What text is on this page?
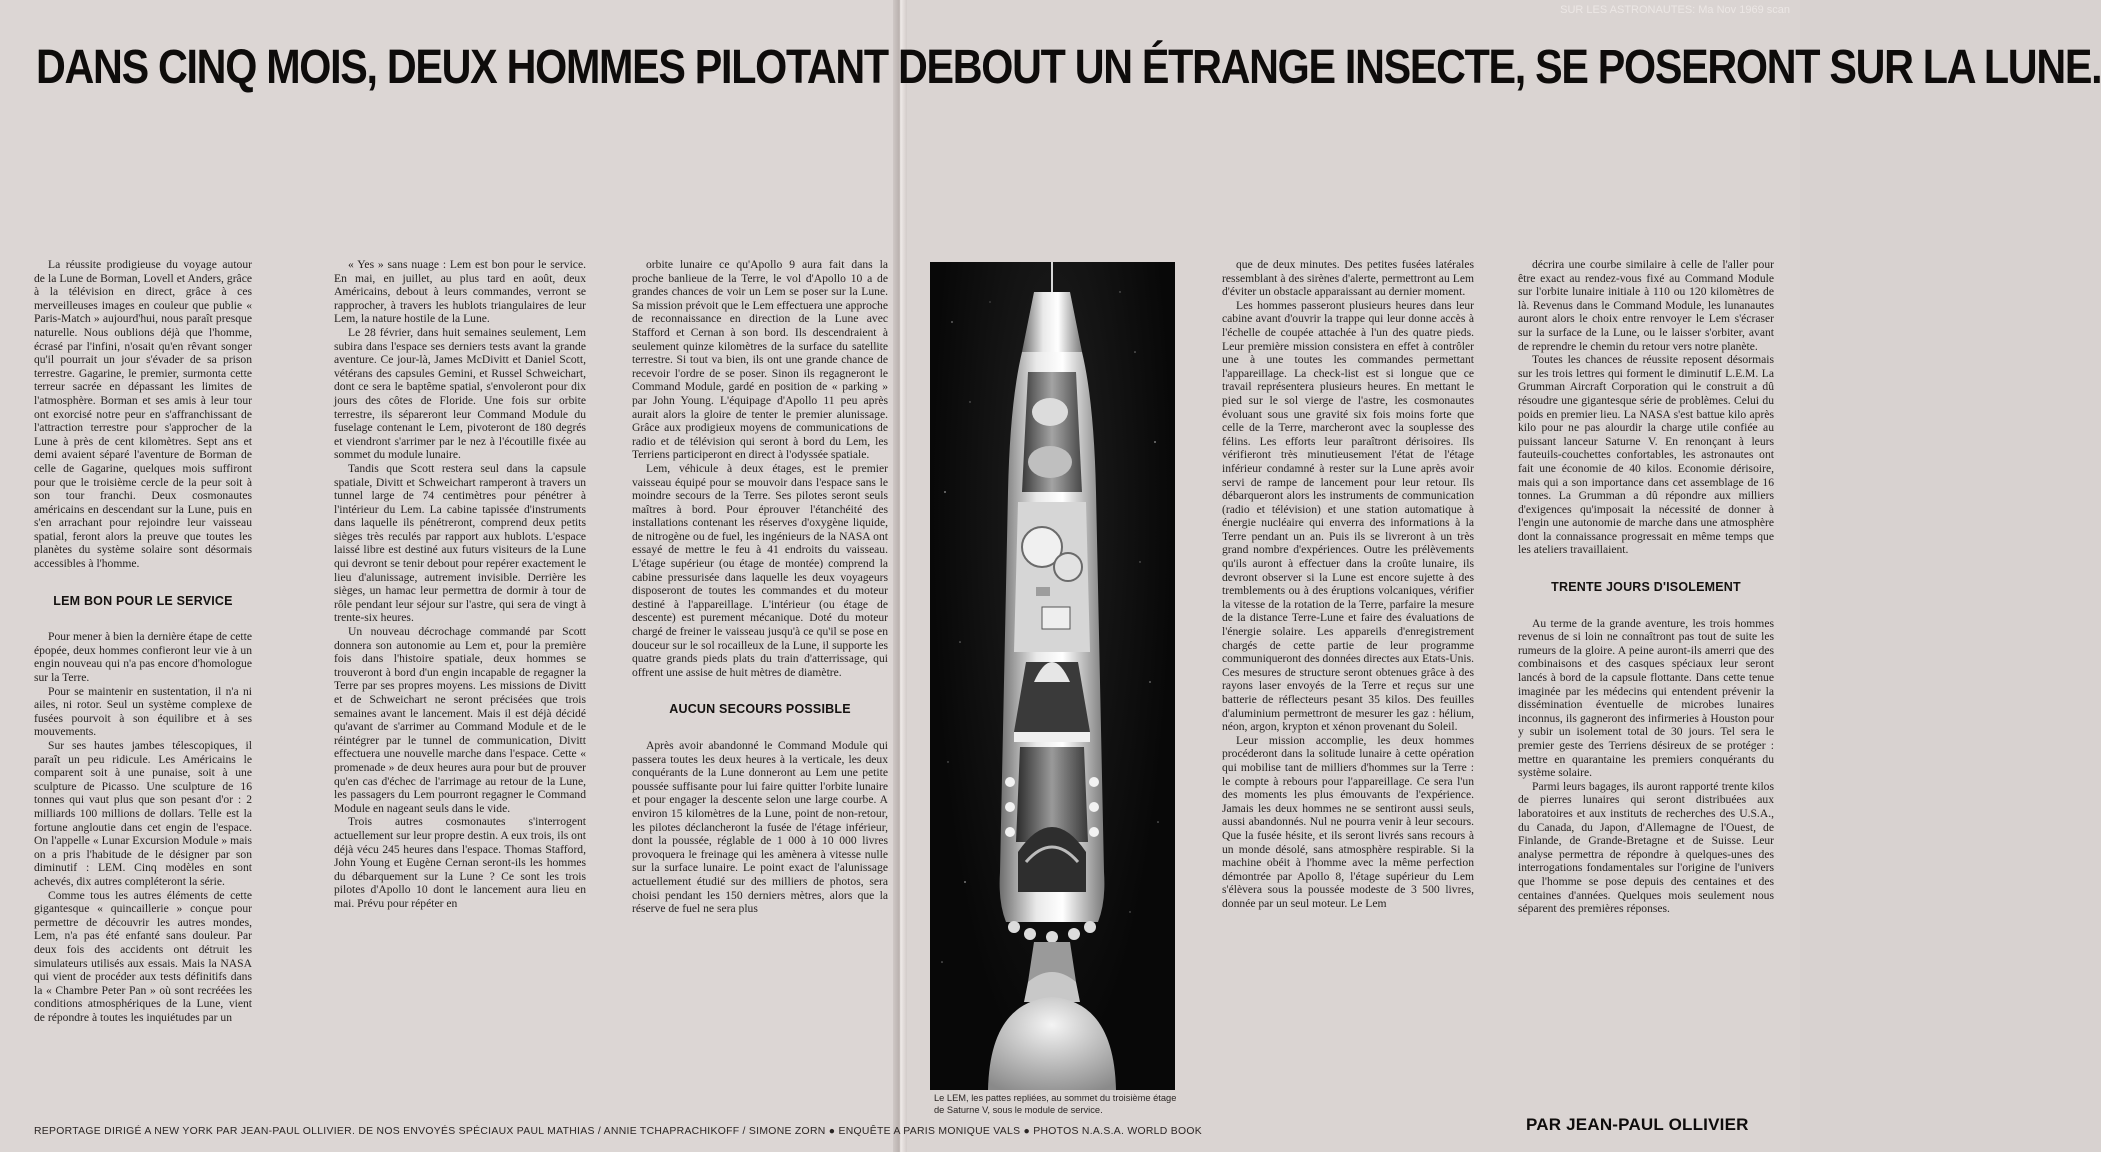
SUR LES ASTRONAUTES: Ma Nov 1969 scan
DANS CINQ MOIS, DEUX HOMMES PILOTANT DEBOUT UN ÉTRANGE INSECTE, SE POSERONT SUR LA LUNE.

La réussite prodigieuse du voyage autour de la Lune de Borman, Lovell et Anders, grâce à la télévision en direct, grâce à ces merveilleuses images en couleur que publie « Paris-Match » aujourd'hui, nous paraît presque naturelle. Nous oublions déjà que l'homme, écrasé par l'infini, n'osait qu'en rêvant songer qu'il pourrait un jour s'évader de sa prison terrestre. Gagarine, le premier, surmonta cette terreur sacrée en dépassant les limites de l'atmosphère. Borman et ses amis à leur tour ont exorcisé notre peur en s'affranchissant de l'attraction terrestre pour s'approcher de la Lune à près de cent kilomètres. Sept ans et demi avaient séparé l'aventure de Borman de celle de Gagarine, quelques mois suffiront pour que le troisième cercle de la peur soit à son tour franchi. Deux cosmonautes américains en descendant sur la Lune, puis en s'en arrachant pour rejoindre leur vaisseau spatial, feront alors la preuve que toutes les planètes du système solaire sont désormais accessibles à l'homme.

LEM BON POUR LE SERVICE

Pour mener à bien la dernière étape de cette épopée, deux hommes confieront leur vie à un engin nouveau qui n'a pas encore d'homologue sur la Terre.

Pour se maintenir en sustentation, il n'a ni ailes, ni rotor. Seul un système complexe de fusées pourvoit à son équilibre et à ses mouvements.

Sur ses hautes jambes télescopiques, il paraît un peu ridicule. Les Américains le comparent soit à une punaise, soit à une sculpture de Picasso. Une sculpture de 16 tonnes qui vaut plus que son pesant d'or : 2 milliards 100 millions de dollars. Telle est la fortune angloutie dans cet engin de l'espace. On l'appelle « Lunar Excursion Module » mais on a pris l'habitude de le désigner par son diminutif : LEM. Cinq modèles en sont achevés, dix autres compléteront la série.

Comme tous les autres éléments de cette gigantesque « quincaillerie » conçue pour permettre de découvrir les autres mondes, Lem, n'a pas été enfanté sans douleur. Par deux fois des accidents ont détruit les simulateurs utilisés aux essais. Mais la NASA qui vient de procéder aux tests définitifs dans la « Chambre Peter Pan » où sont recréées les conditions atmosphériques de la Lune, vient de répondre à toutes les inquiétudes par un

« Yes » sans nuage : Lem est bon pour le service. En mai, en juillet, au plus tard en août, deux Américains, debout à leurs commandes, verront se rapprocher, à travers les hublots triangulaires de leur Lem, la nature hostile de la Lune.

Le 28 février, dans huit semaines seulement, Lem subira dans l'espace ses derniers tests avant la grande aventure. Ce jour-là, James McDivitt et Daniel Scott, vétérans des capsules Gemini, et Russel Schweichart, dont ce sera le baptême spatial, s'envoleront pour dix jours des côtes de Floride. Une fois sur orbite terrestre, ils sépareront leur Command Module du fuselage contenant le Lem, pivoteront de 180 degrés et viendront s'arrimer par le nez à l'écoutille fixée au sommet du module lunaire.

Tandis que Scott restera seul dans la capsule spatiale, Divitt et Schweichart ramperont à travers un tunnel large de 74 centimètres pour pénétrer à l'intérieur du Lem. La cabine tapissée d'instruments dans laquelle ils pénétreront, comprend deux petits sièges très reculés par rapport aux hublots. L'espace laissé libre est destiné aux futurs visiteurs de la Lune qui devront se tenir debout pour repérer exactement le lieu d'alunissage, autrement invisible. Derrière les sièges, un hamac leur permettra de dormir à tour de rôle pendant leur séjour sur l'astre, qui sera de vingt à trente-six heures.

Un nouveau décrochage commandé par Scott donnera son autonomie au Lem et, pour la première fois dans l'histoire spatiale, deux hommes se trouveront à bord d'un engin incapable de regagner la Terre par ses propres moyens. Les missions de Divitt et de Schweichart ne seront précisées que trois semaines avant le lancement. Mais il est déjà décidé qu'avant de s'arrimer au Command Module et de le réintégrer par le tunnel de communication, Divitt effectuera une nouvelle marche dans l'espace. Cette « promenade » de deux heures aura pour but de prouver qu'en cas d'échec de l'arrimage au retour de la Lune, les passagers du Lem pourront regagner le Command Module en nageant seuls dans le vide.

Trois autres cosmonautes s'interrogent actuellement sur leur propre destin. A eux trois, ils ont déjà vécu 245 heures dans l'espace. Thomas Stafford, John Young et Eugène Cernan seront-ils les hommes du débarquement sur la Lune ? Ce sont les trois pilotes d'Apollo 10 dont le lancement aura lieu en mai. Prévu pour répéter en

orbite lunaire ce qu'Apollo 9 aura fait dans la proche banlieue de la Terre, le vol d'Apollo 10 a de grandes chances de voir un Lem se poser sur la Lune. Sa mission prévoit que le Lem effectuera une approche de reconnaissance en direction de la Lune avec Stafford et Cernan à son bord. Ils descendraient à seulement quinze kilomètres de la surface du satellite terrestre. Si tout va bien, ils ont une grande chance de recevoir l'ordre de se poser. Sinon ils regagneront le Command Module, gardé en position de « parking » par John Young. L'équipage d'Apollo 11 peu après aurait alors la gloire de tenter le premier alunissage. Grâce aux prodigieux moyens de communications de radio et de télévision qui seront à bord du Lem, les Terriens participeront en direct à l'odyssée spatiale.

Lem, véhicule à deux étages, est le premier vaisseau équipé pour se mouvoir dans l'espace sans le moindre secours de la Terre. Ses pilotes seront seuls maîtres à bord. Pour éprouver l'étanchéité des installations contenant les réserves d'oxygène liquide, de nitrogène ou de fuel, les ingénieurs de la NASA ont essayé de mettre le feu à 41 endroits du vaisseau. L'étage supérieur (ou étage de montée) comprend la cabine pressurisée dans laquelle les deux voyageurs disposeront de toutes les commandes et du moteur destiné à l'appareillage. L'intérieur (ou étage de descente) est purement mécanique. Doté du moteur chargé de freiner le vaisseau jusqu'à ce qu'il se pose en douceur sur le sol rocailleux de la Lune, il supporte les quatre grands pieds plats du train d'atterrissage, qui offrent une assise de huit mètres de diamètre.

AUCUN SECOURS POSSIBLE

Après avoir abandonné le Command Module qui passera toutes les deux heures à la verticale, les deux conquérants de la Lune donneront au Lem une petite poussée suffisante pour lui faire quitter l'orbite lunaire et pour engager la descente selon une large courbe. A environ 15 kilomètres de la Lune, point de non-retour, les pilotes déclancheront la fusée de l'étage inférieur, dont la poussée, réglable de 1 000 à 10 000 livres provoquera le freinage qui les amènera à vitesse nulle sur la surface lunaire. Le point exact de l'alunissage actuellement étudié sur des milliers de photos, sera choisi pendant les 150 derniers mètres, alors que la réserve de fuel ne sera plus

que de deux minutes. Des petites fusées latérales ressemblant à des sirènes d'alerte, permettront au Lem d'éviter un obstacle apparaissant au dernier moment.

Les hommes passeront plusieurs heures dans leur cabine avant d'ouvrir la trappe qui leur donne accès à l'échelle de coupée attachée à l'un des quatre pieds. Leur première mission consistera en effet à contrôler une à une toutes les commandes permettant l'appareillage. La check-list est si longue que ce travail représentera plusieurs heures. En mettant le pied sur le sol vierge de l'astre, les cosmonautes évoluant sous une gravité six fois moins forte que celle de la Terre, marcheront avec la souplesse des félins. Les efforts leur paraîtront dérisoires. Ils vérifieront très minutieusement l'état de l'étage inférieur condamné à rester sur la Lune après avoir servi de rampe de lancement pour leur retour. Ils débarqueront alors les instruments de communication (radio et télévision) et une station automatique à énergie nucléaire qui enverra des informations à la Terre pendant un an. Puis ils se livreront à un très grand nombre d'expériences. Outre les prélèvements qu'ils auront à effectuer dans la croûte lunaire, ils devront observer si la Lune est encore sujette à des tremblements ou à des éruptions volcaniques, vérifier la vitesse de la rotation de la Terre, parfaire la mesure de la distance Terre-Lune et faire des évaluations de l'énergie solaire. Les appareils d'enregistrement chargés de cette partie de leur programme communiqueront des données directes aux Etats-Unis. Ces mesures de structure seront obtenues grâce à des rayons laser envoyés de la Terre et reçus sur une batterie de réflecteurs pesant 35 kilos. Des feuilles d'aluminium permettront de mesurer les gaz : hélium, néon, argon, krypton et xénon provenant du Soleil.

Leur mission accomplie, les deux hommes procéderont dans la solitude lunaire à cette opération qui mobilise tant de milliers d'hommes sur la Terre : le compte à rebours pour l'appareillage. Ce sera l'un des moments les plus émouvants de l'expérience. Jamais les deux hommes ne se sentiront aussi seuls, aussi abandonnés. Nul ne pourra venir à leur secours. Que la fusée hésite, et ils seront livrés sans recours à un monde désolé, sans atmosphère respirable. Si la machine obéit à l'homme avec la même perfection démontrée par Apollo 8, l'étage supérieur du Lem s'élèvera sous la poussée modeste de 3 500 livres, donnée par un seul moteur. Le Lem

décrira une courbe similaire à celle de l'aller pour être exact au rendez-vous fixé au Command Module sur l'orbite lunaire initiale à 110 ou 120 kilomètres de là. Revenus dans le Command Module, les lunanautes auront alors le choix entre renvoyer le Lem s'écraser sur la surface de la Lune, ou le laisser s'orbiter, avant de reprendre le chemin du retour vers notre planète.

Toutes les chances de réussite reposent désormais sur les trois lettres qui forment le diminutif L.E.M. La Grumman Aircraft Corporation qui le construit a dû résoudre une gigantesque série de problèmes. Celui du poids en premier lieu. La NASA s'est battue kilo après kilo pour ne pas alourdir la charge utile confiée au puissant lanceur Saturne V. En renonçant à leurs fauteuils-couchettes confortables, les astronautes ont fait une économie de 40 kilos. Economie dérisoire, mais qui a son importance dans cet assemblage de 16 tonnes. La Grumman a dû répondre aux milliers d'exigences qu'imposait la nécessité de donner à l'engin une autonomie de marche dans une atmosphère dont la connaissance progressait en même temps que les ateliers travaillaient.

TRENTE JOURS D'ISOLEMENT

Au terme de la grande aventure, les trois hommes revenus de si loin ne connaîtront pas tout de suite les rumeurs de la gloire. A peine auront-ils amerri que des combinaisons et des casques spéciaux leur seront lancés à bord de la capsule flottante. Dans cette tenue imaginée par les médecins qui entendent prévenir la dissémination éventuelle de microbes lunaires inconnus, ils gagneront des infirmeries à Houston pour y subir un isolement total de 30 jours. Tel sera le premier geste des Terriens désireux de se protéger : mettre en quarantaine les premiers conquérants du système solaire.

Parmi leurs bagages, ils auront rapporté trente kilos de pierres lunaires qui seront distribuées aux laboratoires et aux instituts de recherches des U.S.A., du Canada, du Japon, d'Allemagne de l'Ouest, de Finlande, de Grande-Bretagne et de Suisse. Leur analyse permettra de répondre à quelques-unes des interrogations fondamentales sur l'origine de l'univers que l'homme se pose depuis des centaines et des centaines d'années. Quelques mois seulement nous séparent des premières réponses.

Le LEM, les pattes repliées, au sommet du troisième étage de Saturne V, sous le module de service.
REPORTAGE DIRIGÉ A NEW YORK PAR JEAN-PAUL OLLIVIER. DE NOS ENVOYÉS SPÉCIAUX PAUL MATHIAS / ANNIE TCHAPRACHIKOFF / SIMONE ZORN ● ENQUÊTE A PARIS MONIQUE VALS ● PHOTOS N.A.S.A. WORLD BOOK	PAR JEAN-PAUL OLLIVIER
